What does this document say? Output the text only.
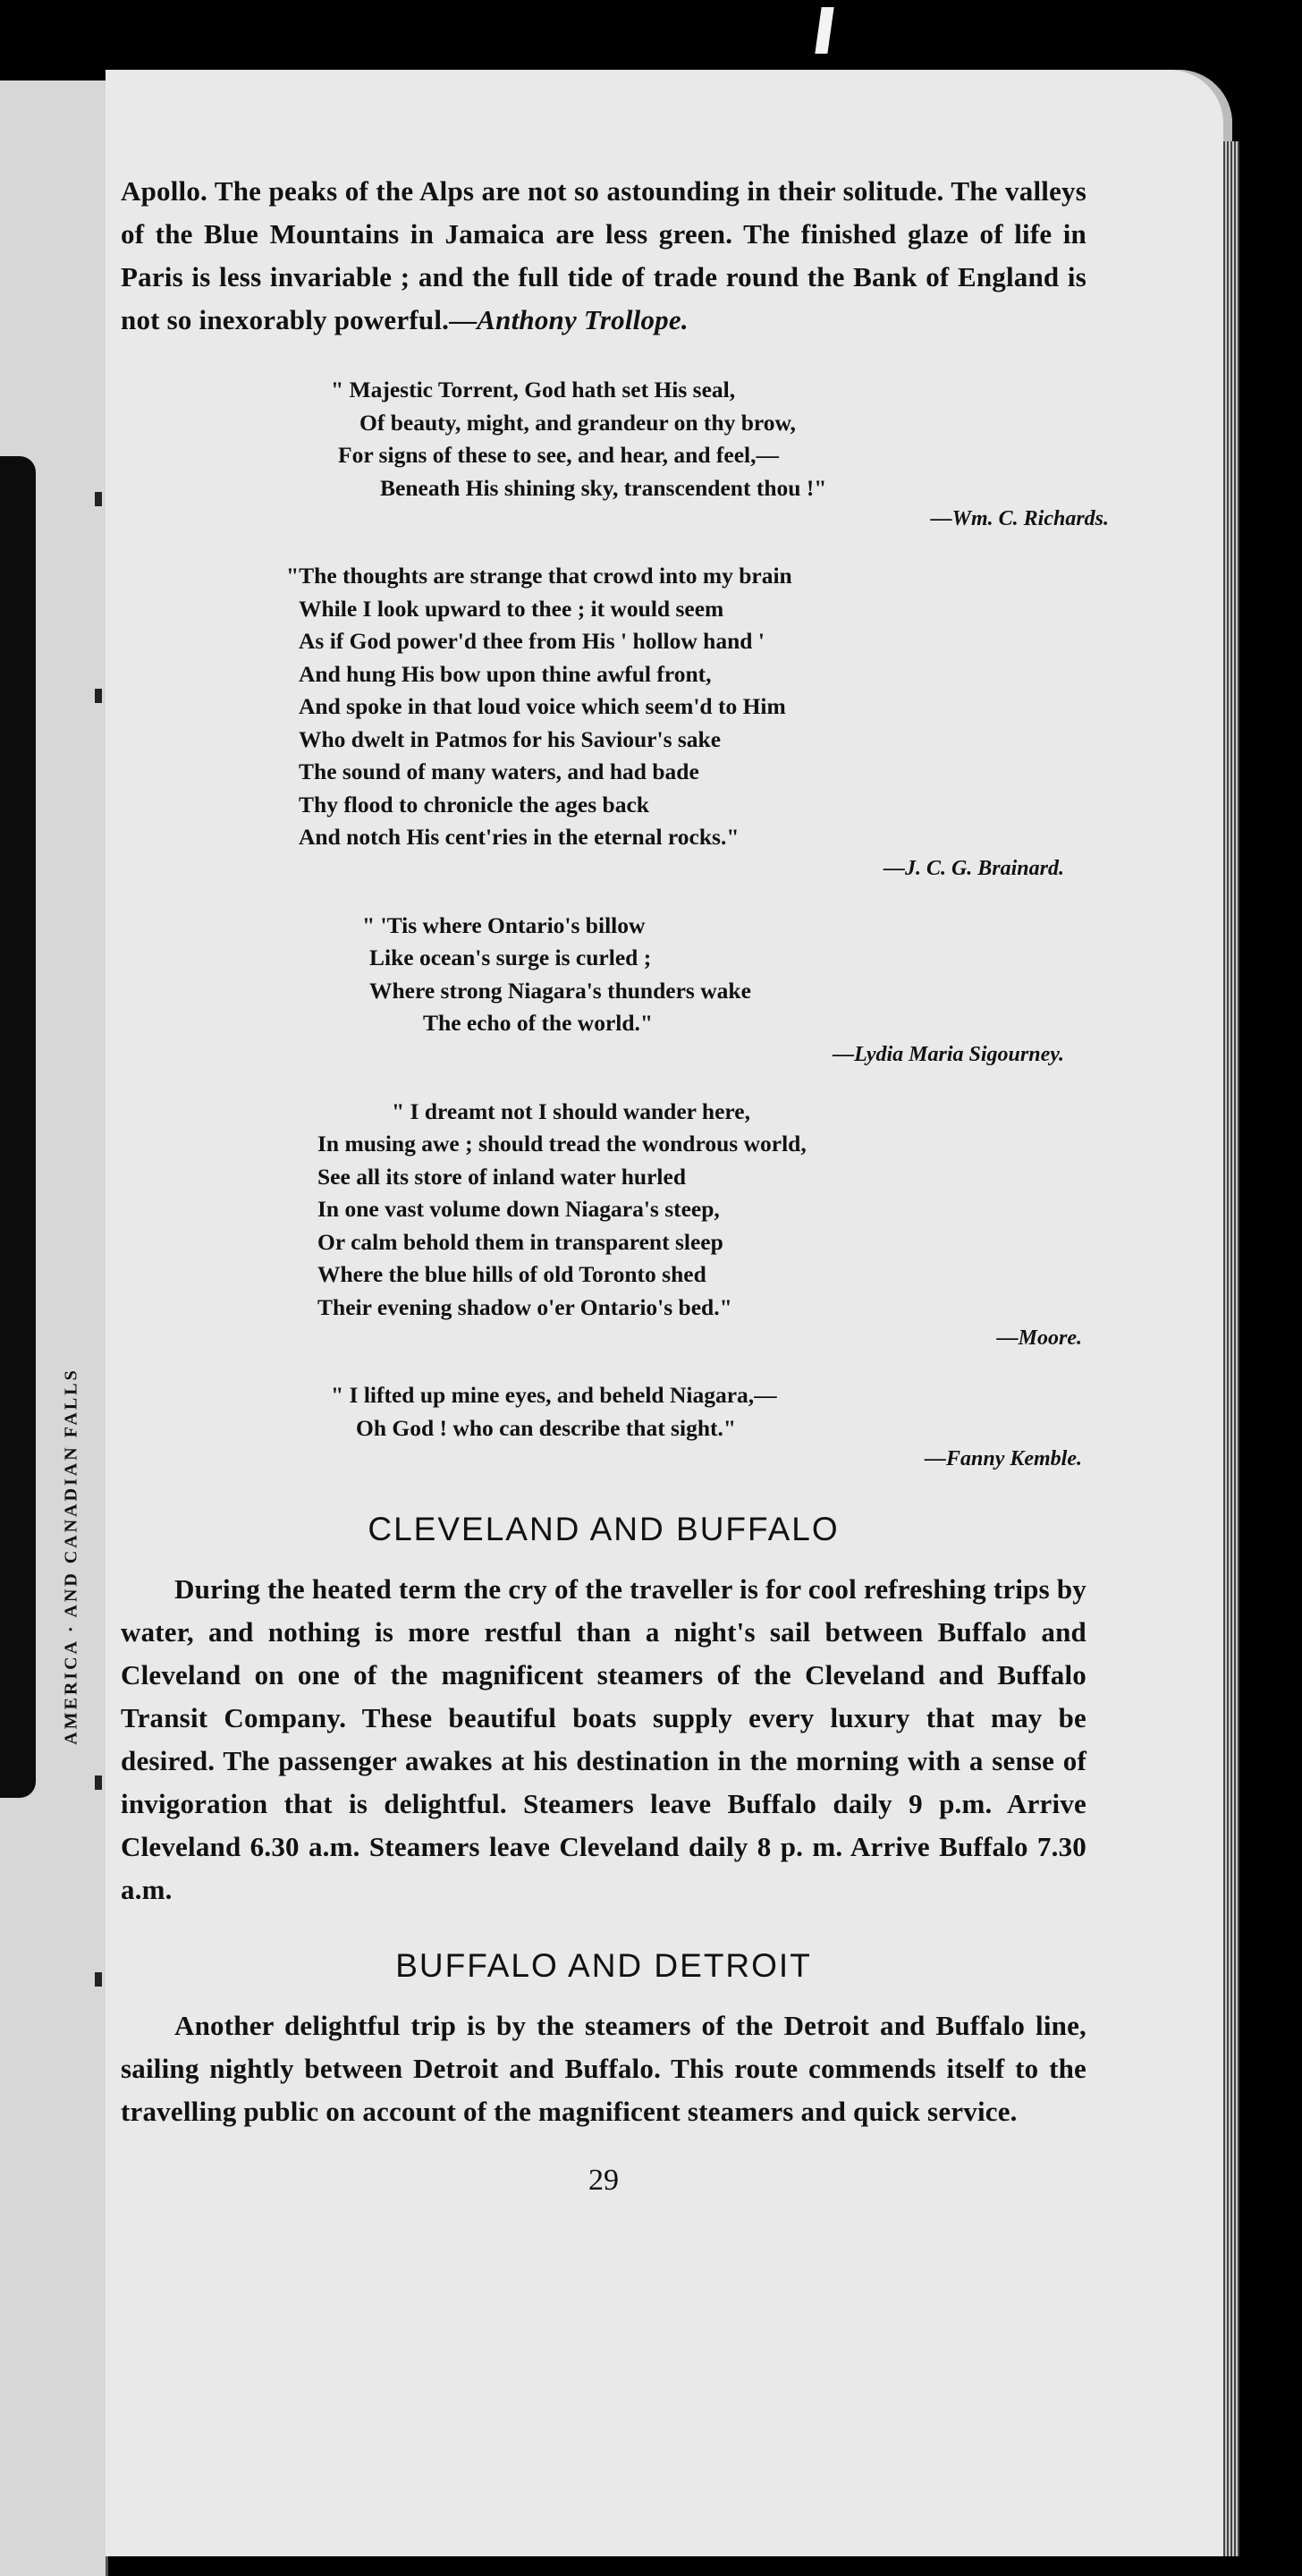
AMERICA · AND CANADIAN FALLS

Apollo. The peaks of the Alps are not so astounding in their solitude. The valleys of the Blue Mountains in Jamaica are less green. The finished glaze of life in Paris is less invariable ; and the full tide of trade round the Bank of England is not so inexorably powerful.—Anthony Trollope.

" Majestic Torrent, God hath set His seal,
Of beauty, might, and grandeur on thy brow,
For signs of these to see, and hear, and feel,—
Beneath His shining sky, transcendent thou !"

—Wm. C. Richards.

"The thoughts are strange that crowd into my brain
While I look upward to thee ; it would seem
As if God power'd thee from His ' hollow hand '
And hung His bow upon thine awful front,
And spoke in that loud voice which seem'd to Him
Who dwelt in Patmos for his Saviour's sake
The sound of many waters, and had bade
Thy flood to chronicle the ages back
And notch His cent'ries in the eternal rocks."

—J. C. G. Brainard.

" 'Tis where Ontario's billow
Like ocean's surge is curled ;
Where strong Niagara's thunders wake
The echo of the world."

—Lydia Maria Sigourney.

" I dreamt not I should wander here,
In musing awe ; should tread the wondrous world,
See all its store of inland water hurled
In one vast volume down Niagara's steep,
Or calm behold them in transparent sleep
Where the blue hills of old Toronto shed
Their evening shadow o'er Ontario's bed."

—Moore.

" I lifted up mine eyes, and beheld Niagara,—
Oh God ! who can describe that sight."

—Fanny Kemble.
CLEVELAND AND BUFFALO

During the heated term the cry of the traveller is for cool refreshing trips by water, and nothing is more restful than a night's sail between Buffalo and Cleveland on one of the magnificent steamers of the Cleveland and Buffalo Transit Company. These beautiful boats supply every luxury that may be desired. The passenger awakes at his destination in the morning with a sense of invigoration that is delightful. Steamers leave Buffalo daily 9 p.m. Arrive Cleveland 6.30 a.m. Steamers leave Cleveland daily 8 p. m. Arrive Buffalo 7.30 a.m.

BUFFALO AND DETROIT

Another delightful trip is by the steamers of the Detroit and Buffalo line, sailing nightly between Detroit and Buffalo. This route commends itself to the travelling public on account of the magnificent steamers and quick service.

29
